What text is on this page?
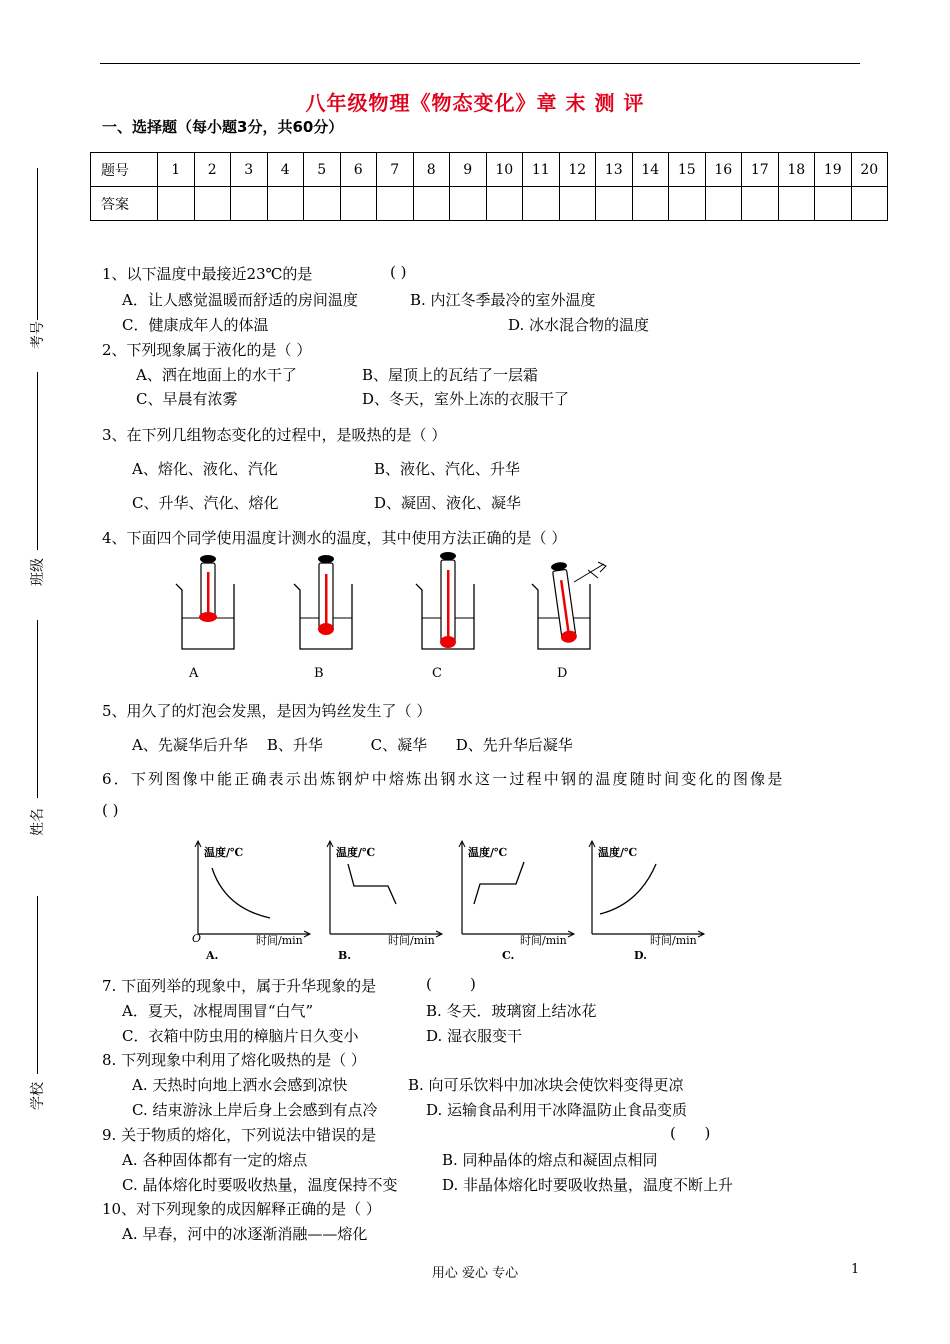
八年级物理《物态变化》章 末 测 评
一、选择题（每小题3分，共60分）
题号	1	2	3	4	5	6	7	8	9	10	11	12	13	14	15	16	17	18	19	20
答案																				
考号
班级
姓名
学校
1、以下温度中最接近23℃的是	( )
A．让人感觉温暖而舒适的房间温度	B. 内江冬季最冷的室外温度
C．健康成年人的体温	D. 冰水混合物的温度
2、下列现象属于液化的是（ ）
A、洒在地面上的水干了	B、屋顶上的瓦结了一层霜
C、早晨有浓雾	D、冬天，室外上冻的衣服干了
3、在下列几组物态变化的过程中，是吸热的是（ ）
A、熔化、液化、汽化	B、液化、汽化、升华
C、升华、汽化、熔化	D、凝固、液化、凝华
4、下面四个同学使用温度计测水的温度，其中使用方法正确的是（ ）
A	B	C	D
5、用久了的灯泡会发黑，是因为钨丝发生了（ ）
A、先凝华后升华    B、升华          C、凝华      D、先升华后凝华
6．下列图像中能正确表示出炼钢炉中熔炼出钢水这一过程中钢的温度随时间变化的图像是
( )
温度/℃
O	时间/min
A.
温度/℃
时间/min
B.
温度/℃
时间/min
C.
温度/℃
时间/min
D.
7. 下面列举的现象中，属于升华现象的是	(        )
A．夏天，冰棍周围冒“白气”	B. 冬天．玻璃窗上结冰花
C．衣箱中防虫用的樟脑片日久变小	D. 湿衣服变干
8. 下列现象中利用了熔化吸热的是（ ）
A. 天热时向地上洒水会感到凉快	B. 向可乐饮料中加冰块会使饮料变得更凉
C. 结束游泳上岸后身上会感到有点冷	D. 运输食品利用干冰降温防止食品变质
9. 关于物质的熔化，下列说法中错误的是	(      )
A. 各种固体都有一定的熔点	B. 同种晶体的熔点和凝固点相同
C. 晶体熔化时要吸收热量，温度保持不变	D. 非晶体熔化时要吸收热量，温度不断上升
10、对下列现象的成因解释正确的是（ ）
A. 早春，河中的冰逐渐消融——熔化
用心 爱心 专心	1
